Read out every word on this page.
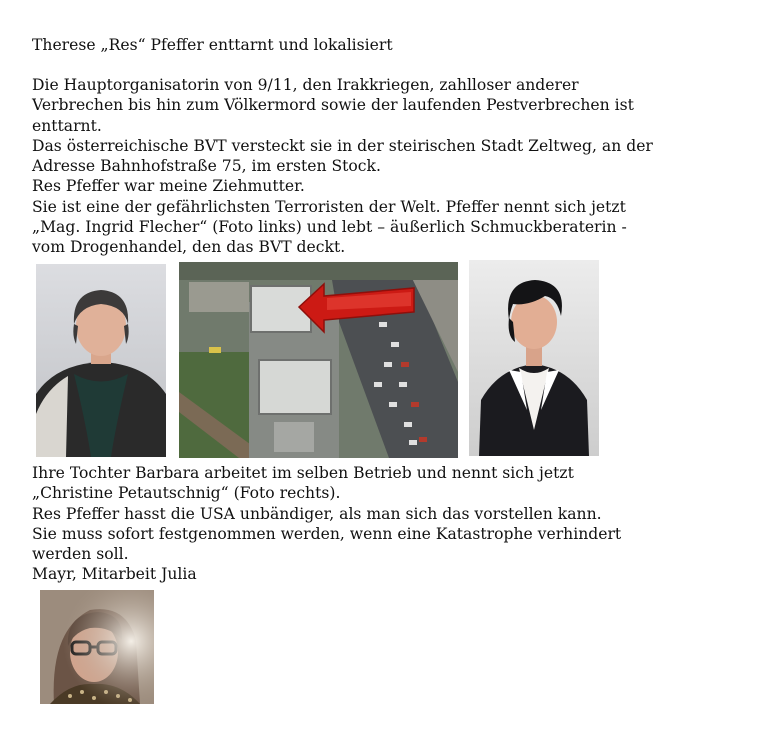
Therese „Res“ Pfeffer enttarnt und lokalisiert

Die Hauptorganisatorin von 9/11, den Irakkriegen, zahlloser anderer
Verbrechen bis hin zum Völkermord sowie der laufenden Pestverbrechen ist
enttarnt.
Das österreichische BVT versteckt sie in der steirischen Stadt Zeltweg, an der
Adresse Bahnhofstraße 75, im ersten Stock.
Res Pfeffer war meine Ziehmutter.
Sie ist eine der gefährlichsten Terroristen der Welt. Pfeffer nennt sich jetzt
„Mag. Ingrid Flecher“ (Foto links) und lebt – äußerlich Schmuckberaterin -
vom Drogenhandel, den das BVT deckt.

Ihre Tochter Barbara arbeitet im selben Betrieb und nennt sich jetzt
„Christine Petautschnig“ (Foto rechts).
Res Pfeffer hasst die USA unbändiger, als man sich das vorstellen kann.
Sie muss sofort festgenommen werden, wenn eine Katastrophe verhindert
werden soll.
Mayr, Mitarbeit Julia
